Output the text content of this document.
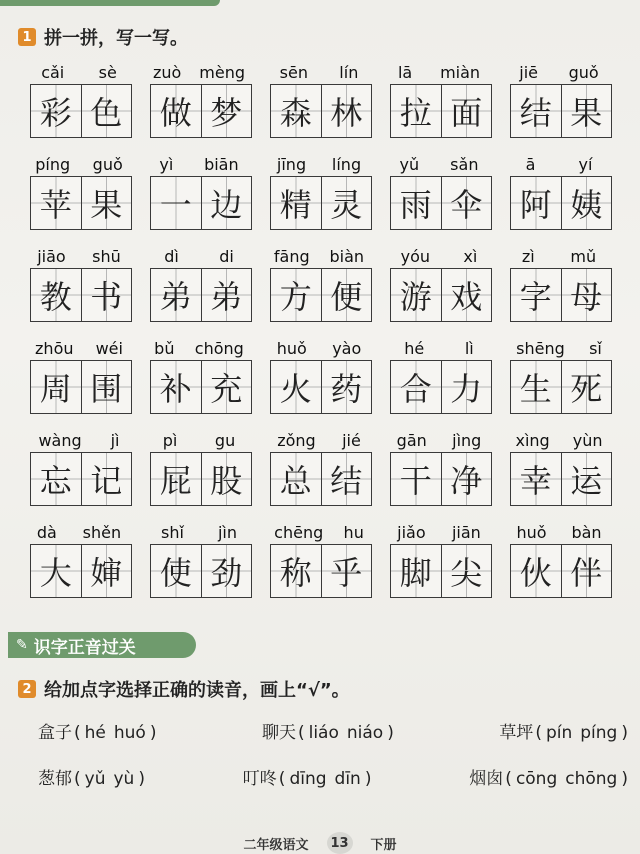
1 拼一拼，写一写。
cǎi sè
彩 色
zuò mèng
做 梦
sēn lín
森 林
lā miàn
拉 面
jiē guǒ
结 果
píng guǒ
苹 果
yì biān
一 边
jīng líng
精 灵
yǔ sǎn
雨 伞
ā	yí
阿 姨
jiāo shū
教 书
dì	di
弟 弟
fāng biàn
方 便
yóu xì
游 戏
zì mǔ
字 母
zhōu wéi
周 围
bǔ chōng
补 充
huǒ yào
火 药
hé	lì
合 力
shēng sǐ
生 死
wàng jì
忘 记
pì gu
屁 股
zǒng jié
总 结
gān jìng
干 净
xìng yùn
幸 运
dà shěn
大 婶
shǐ jìn
使 劲
chēng hu
称 乎
jiǎo jiān
脚 尖
huǒ bàn
伙 伴
✎ 识字正音过关
2 给加点字选择正确的读音，画上“√”。
盒子 ( hé huó )	聊天 ( liáo niáo )	草坪 ( pín píng )
葱郁 ( yǔ yù )	叮咚 ( dīng dīn )	烟囱 ( cōng chōng )
二年级语文	13	下册
